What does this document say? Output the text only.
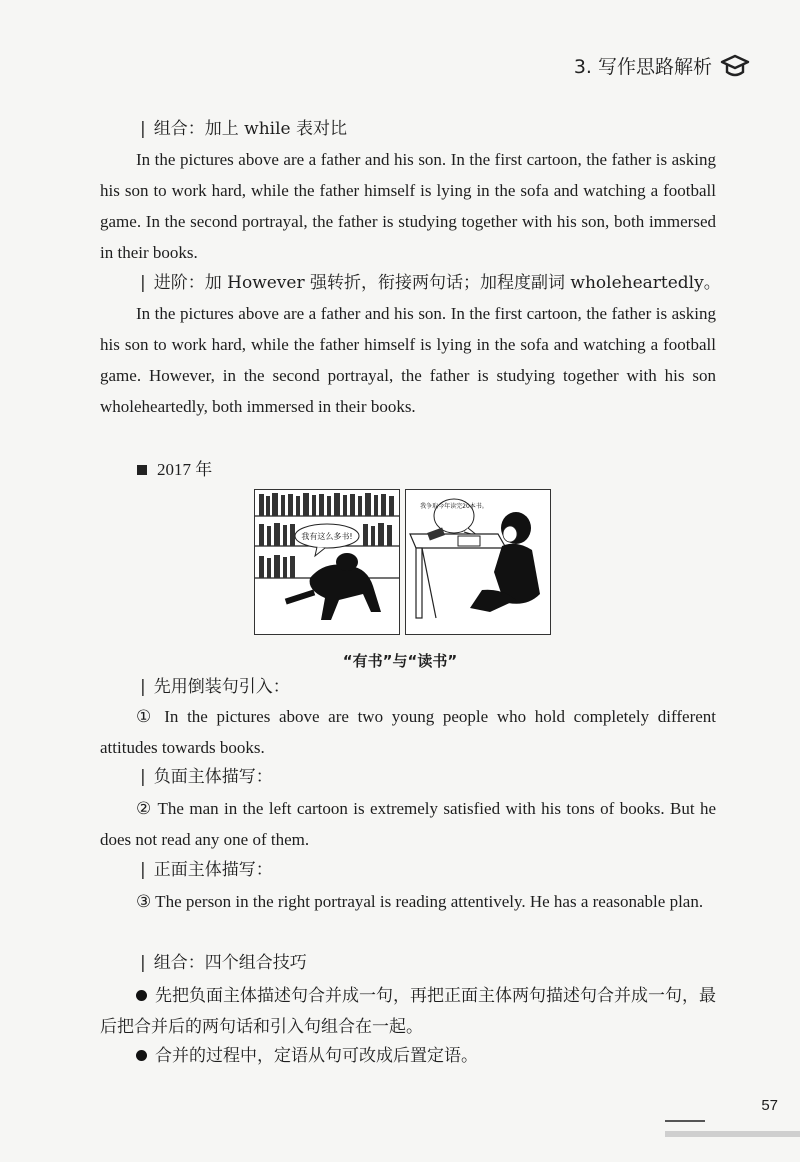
3. 写作思路解析

| 组合：加上 while 表对比

In the pictures above are a father and his son. In the first cartoon, the father is asking his son to work hard, while the father himself is lying in the sofa and watching a football game. In the second portrayal, the father is studying together with his son, both immersed in their books.

| 进阶：加 However 强转折，衔接两句话；加程度副词 wholeheartedly。

In the pictures above are a father and his son. In the first cartoon, the father is asking his son to work hard, while the father himself is lying in the sofa and watching a football game. However, in the second portrayal, the father is studying together with his son wholeheartedly, both immersed in their books.

2017 年
我有这么多书!
我争取今年读完20本书。
“有书”与“读书”

| 先用倒装句引入：

① In the pictures above are two young people who hold completely different attitudes towards books.

| 负面主体描写：

② The man in the left cartoon is extremely satisfied with his tons of books. But he does not read any one of them.

| 正面主体描写：

③ The person in the right portrayal is reading attentively. He has a reasonable plan.

| 组合：四个组合技巧

先把负面主体描述句合并成一句，再把正面主体两句描述句合并成一句，最后把合并后的两句话和引入句组合在一起。

合并的过程中，定语从句可改成后置定语。

57
